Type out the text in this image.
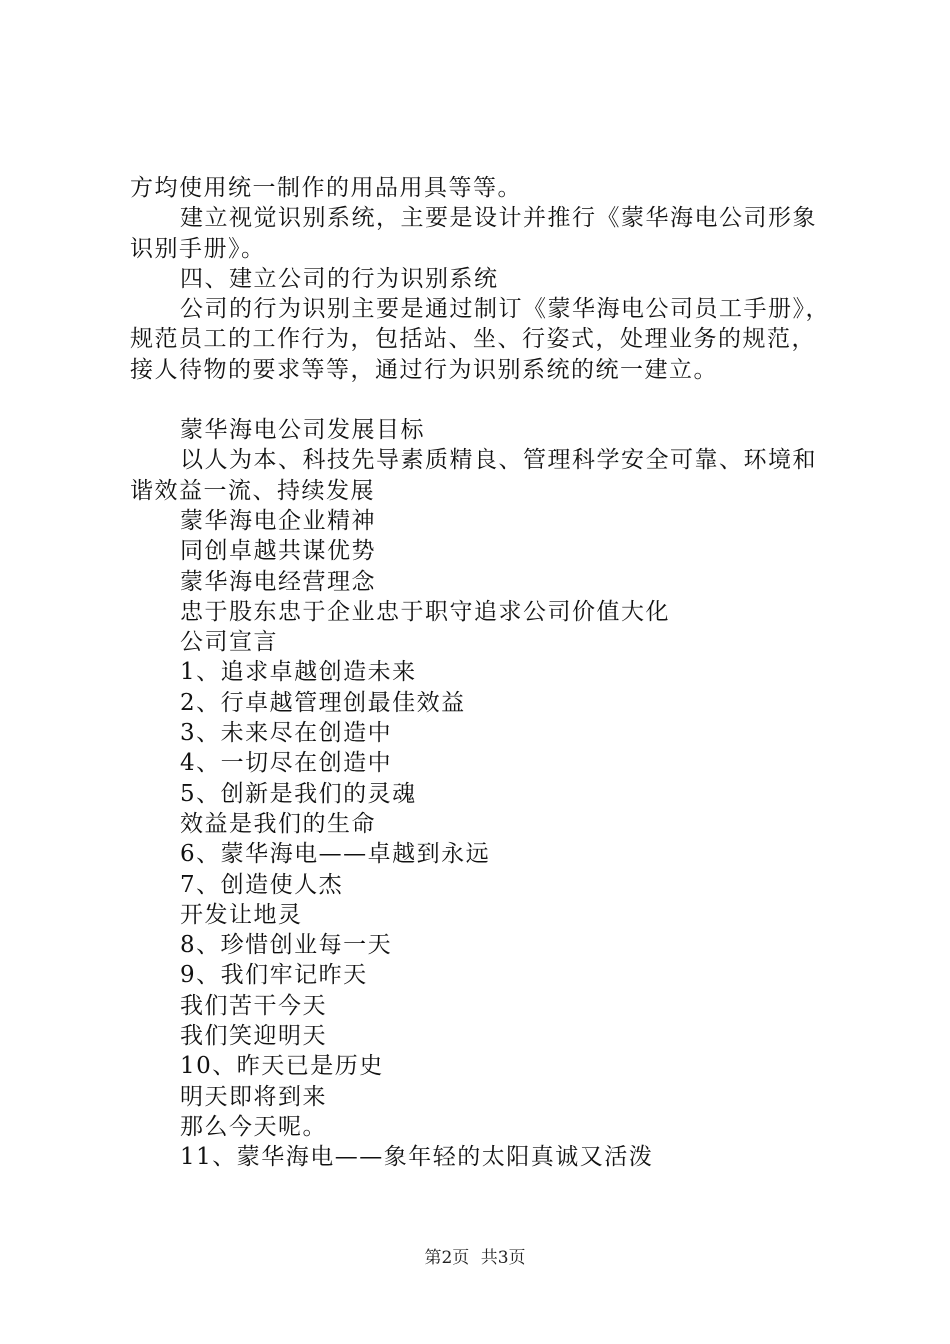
方均使用统一制作的用品用具等等。
建立视觉识别系统，主要是设计并推行《蒙华海电公司形象识别手册》。
四、建立公司的行为识别系统
公司的行为识别主要是通过制订《蒙华海电公司员工手册》，规范员工的工作行为，包括站、坐、行姿式，处理业务的规范，接人待物的要求等等，通过行为识别系统的统一建立。
蒙华海电公司发展目标
以人为本、科技先导素质精良、管理科学安全可靠、环境和谐效益一流、持续发展
蒙华海电企业精神
同创卓越共谋优势
蒙华海电经营理念
忠于股东忠于企业忠于职守追求公司价值大化
公司宣言
1、追求卓越创造未来
2、行卓越管理创最佳效益
3、未来尽在创造中
4、一切尽在创造中
5、创新是我们的灵魂
效益是我们的生命
6、蒙华海电——卓越到永远
7、创造使人杰
开发让地灵
8、珍惜创业每一天
9、我们牢记昨天
我们苦干今天
我们笑迎明天
10、昨天已是历史
明天即将到来
那么今天呢。
11、蒙华海电——象年轻的太阳真诚又活泼
第2页 共3页
